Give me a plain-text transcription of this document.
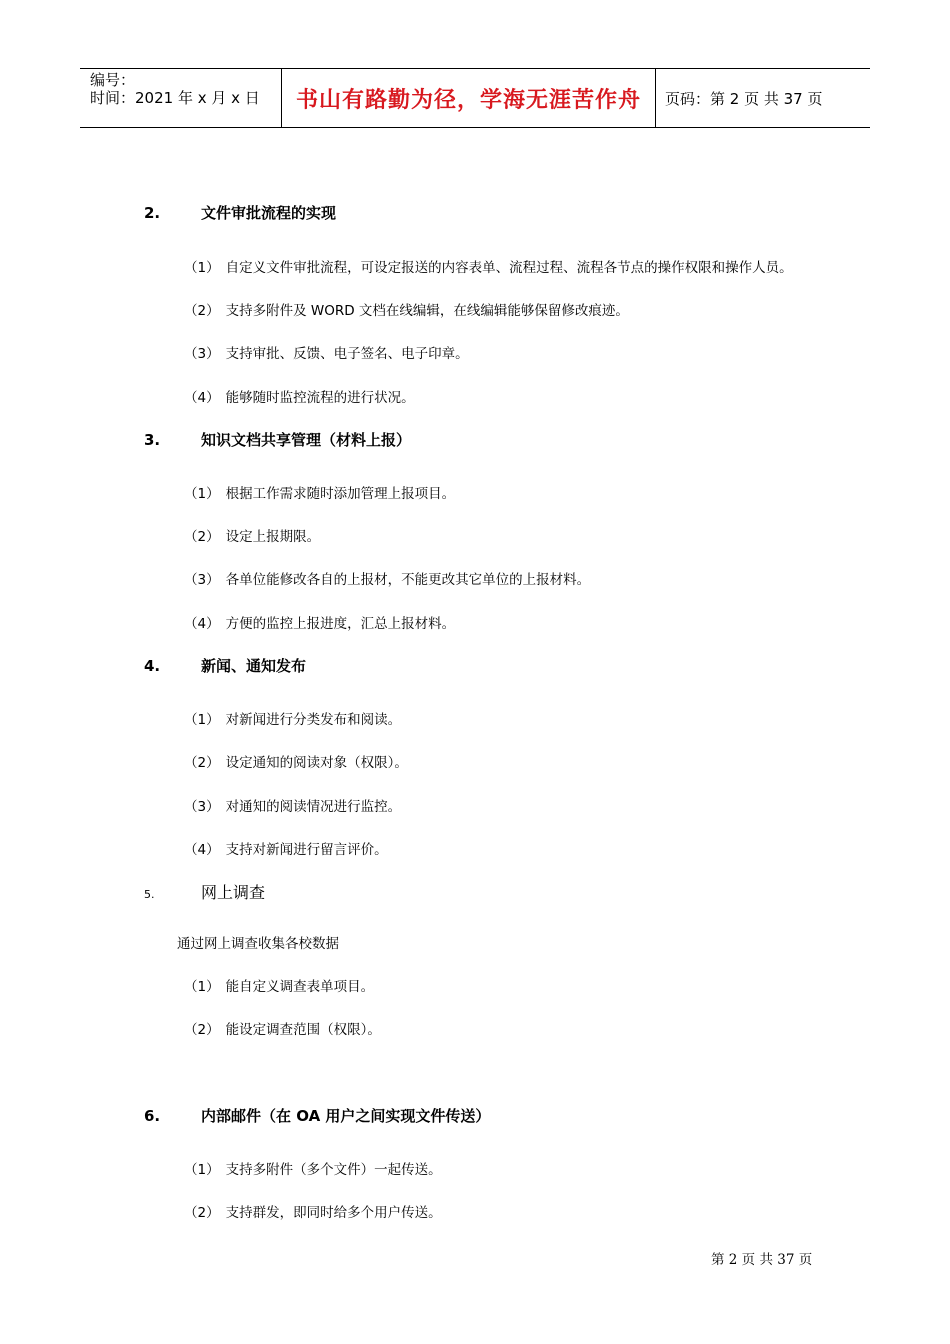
编号：
时间：2021 年 x 月 x 日	书山有路勤为径，学海无涯苦作舟 页码：第 2 页 共 37 页
2.	文件审批流程的实现
（1） 自定义文件审批流程，可设定报送的内容表单、流程过程、流程各节点的操作权限和操作人员。
（2） 支持多附件及 WORD 文档在线编辑，在线编辑能够保留修改痕迹。
（3） 支持审批、反馈、电子签名、电子印章。
（4） 能够随时监控流程的进行状况。
3.	知识文档共享管理（材料上报）
（1） 根据工作需求随时添加管理上报项目。
（2） 设定上报期限。
（3） 各单位能修改各自的上报材，不能更改其它单位的上报材料。
（4） 方便的监控上报进度，汇总上报材料。
4.	新闻、通知发布
（1） 对新闻进行分类发布和阅读。
（2） 设定通知的阅读对象（权限）。
（3） 对通知的阅读情况进行监控。
（4） 支持对新闻进行留言评价。
5.	网上调查
通过网上调查收集各校数据
（1） 能自定义调查表单项目。
（2） 能设定调查范围（权限）。
6.	内部邮件（在 OA 用户之间实现文件传送）
（1） 支持多附件（多个文件）一起传送。
（2） 支持群发，即同时给多个用户传送。
第 2 页 共 37 页
